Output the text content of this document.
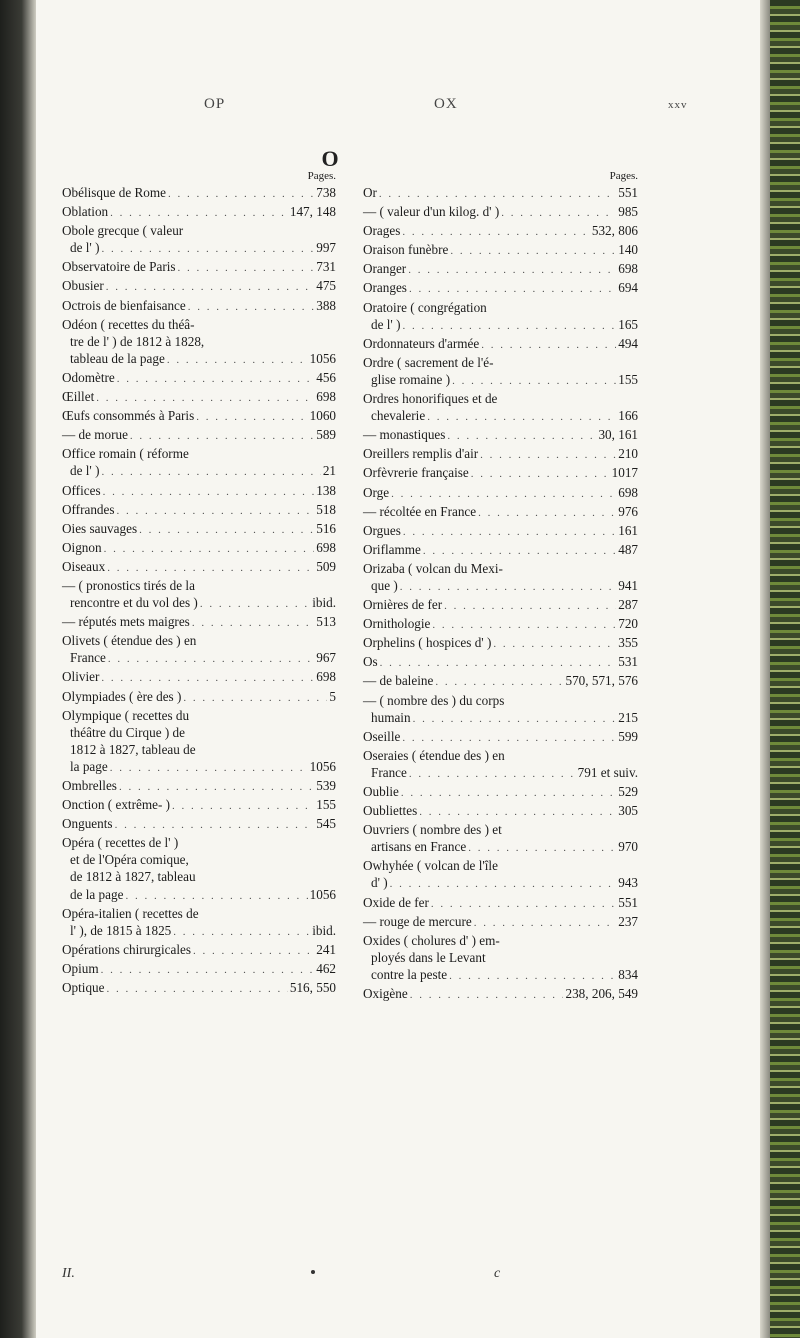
OP	OX	xxv
O
Pages.
Obélisque de Rome . . .	738
Oblation . . .	147, 148
Obole grecque ( valeur
de l' ) . . .	997
Observatoire de Paris . . .	731
Obusier . . .	475
Octrois de bienfaisance . . .	388
Odéon ( recettes du théâ-
tre de l' ) de 1812 à 1828,
tableau de la page . . .	1056
Odomètre . . .	456
Œillet . . .	698
Œufs consommés à Paris . . .	1060
— de morue . . .	589
Office romain ( réforme
de l' ) . . .	21
Offices . . .	138
Offrandes . . .	518
Oies sauvages . . .	516
Oignon . . .	698
Oiseaux . . .	509
— ( pronostics tirés de la
rencontre et du vol des ) . . .	ibid.
— réputés mets maigres . . .	513
Olivets ( étendue des ) en
France . . .	967
Olivier . . .	698
Olympiades ( ère des ) . . .	5
Olympique ( recettes du
théâtre du Cirque ) de
1812 à 1827, tableau de
la page . . .	1056
Ombrelles . . .	539
Onction ( extrême- ) . . .	155
Onguents . . .	545
Opéra ( recettes de l' )
et de l'Opéra comique,
de 1812 à 1827, tableau
de la page . . .	1056
Opéra-italien ( recettes de
l' ), de 1815 à 1825 . . .	ibid.
Opérations chirurgicales . . .	241
Opium . . .	462
Optique . . .	516, 550
Pages.
Or . . .	551
— ( valeur d'un kilog. d' ) . . .	985
Orages . . .	532, 806
Oraison funèbre . . .	140
Oranger . . .	698
Oranges . . .	694
Oratoire ( congrégation
de l' ) . . .	165
Ordonnateurs d'armée . . .	494
Ordre ( sacrement de l'é-
glise romaine ) . . .	155
Ordres honorifiques et de
chevalerie . . .	166
— monastiques . . .	30, 161
Oreillers remplis d'air . . .	210
Orfèvrerie française . . .	1017
Orge . . .	698
— récoltée en France . . .	976
Orgues . . .	161
Oriflamme . . .	487
Orizaba ( volcan du Mexi-
que ) . . .	941
Ornières de fer . . .	287
Ornithologie . . .	720
Orphelins ( hospices d' ) . . .	355
Os . . .	531
— de baleine . . .	570, 571, 576
— ( nombre des ) du corps
humain . . .	215
Oseille . . .	599
Oseraies ( étendue des ) en
France . . .	791 et suiv.
Oublie . . .	529
Oubliettes . . .	305
Ouvriers ( nombre des ) et
artisans en France . . .	970
Owhyhée ( volcan de l'île
d' ) . . .	943
Oxide de fer . . .	551
— rouge de mercure . . .	237
Oxides ( cholures d' ) em-
ployés dans le Levant
contre la peste . . .	834
Oxigène . . .	238, 206, 549
II.	c
